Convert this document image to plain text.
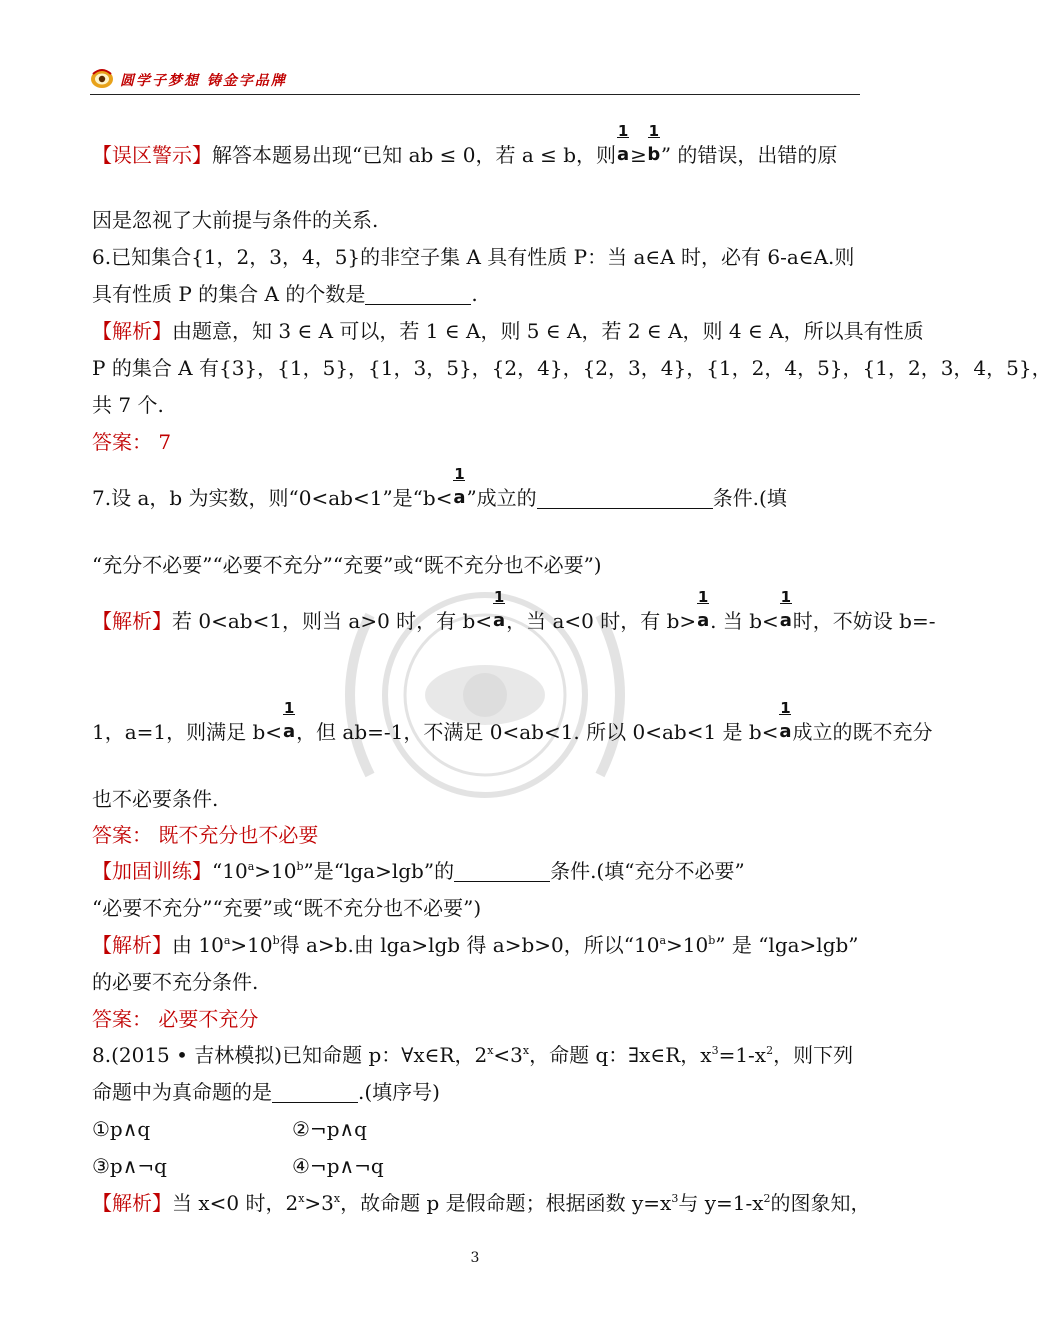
圆学子梦想 铸金字品牌
【误区警示】解答本题易出现“已知 ab ≤ 0，若 a ≤ b，则 $\frac{1}{a} \ge \frac{1}{b}$ ” 的错误，出错的原
因是忽视了大前提与条件的关系.
6.已知集合{1，2，3，4，5}的非空子集 A 具有性质 P：当 a∈A 时，必有 6-a∈A.则
具有性质 P 的集合 A 的个数是	.
【解析】由题意，知 3 ∈ A 可以，若 1 ∈ A，则 5 ∈ A，若 2 ∈ A，则 4 ∈ A，所以具有性质
P 的集合 A 有{3}，{1，5}，{1，3，5}，{2，4}，{2，3，4}，{1，2，4，5}，{1，2，3，4，5}，
共 7 个.
答案： 7
7.设 a，b 为实数，则“0<ab<1”是“$b< \frac{1}{a}$ ”成立的	条件.(填
“充分不必要”“必要不充分”“充要”或“既不充分也不必要”)
【解析】若 0<ab<1，则当 a>0 时，有 $b< \frac{1}{a}$ ，当 a<0 时，有 $b> \frac{1}{a}$ . 当 $b< \frac{1}{a}$ 时，不妨设 b=-
1，a=1，则满足 $b< \frac{1}{a}$ ，但 ab=-1，不满足 0<ab<1. 所以 0<ab<1 是 $b< \frac{1}{a}$ 成立的既不充分
也不必要条件.
答案： 既不充分也不必要
【加固训练】“$10^a>10^b$”是“lga>lgb”的	条件.(填“充分不必要”
“必要不充分”“充要”或“既不充分也不必要”)
【解析】由 $10^a>10^b$得 a>b.由 lga>lgb 得 a>b>0，所以“$10^a>10^b$” 是 “lga>lgb”
的必要不充分条件.
答案： 必要不充分
8.(2015 • 吉林模拟)已知命题 p：∀x∈R，$2^x<3^x$，命题 q：∃x∈R，$x^3=1-x^2$，则下列
命题中为真命题的是	.(填序号)
①p∧q	②¬p∧q
③p∧¬q	④¬p∧¬q
【解析】当 x<0 时，$2^x>3^x$，故命题 p 是假命题；根据函数 $y=x^3$与 $y=1-x^2$的图象知，
3
